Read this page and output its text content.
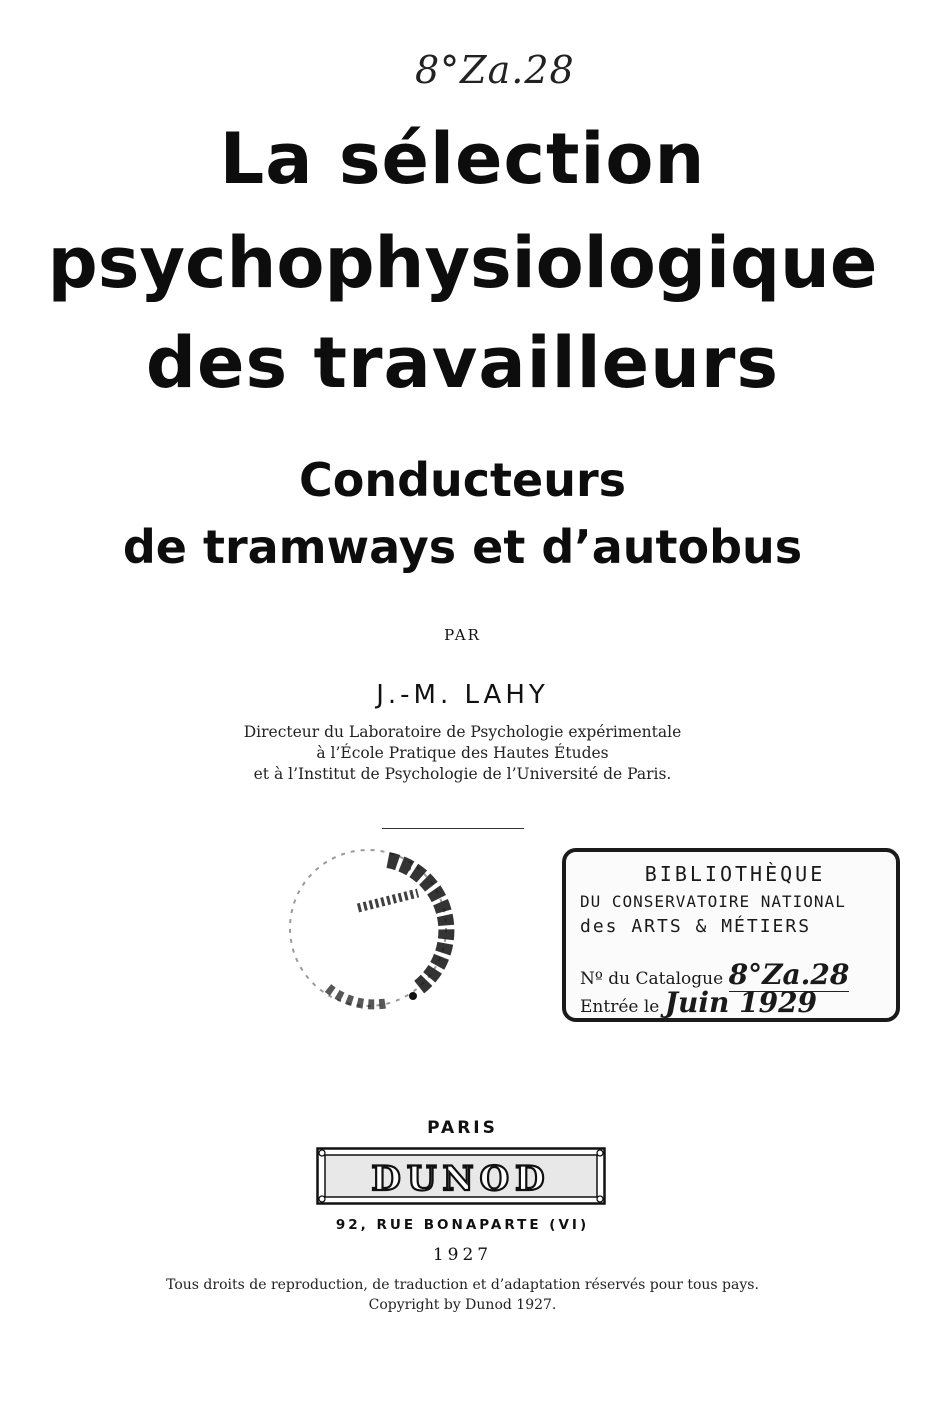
8°Za.28
La sélection
psychophysiologique
des travailleurs
Conducteurs
de tramways et d’autobus
PAR
J.-M. LAHY
Directeur du Laboratoire de Psychologie expérimentale
à l’École Pratique des Hautes Études
et à l’Institut de Psychologie de l’Université de Paris.
BIBLIOTHÈQUE
DU CONSERVATOIRE NATIONAL
des ARTS & MÉTIERS
Nº du Catalogue 8°Za.28
Entrée le Juin 1929
PARIS
DUNOD
92, RUE BONAPARTE (VI)
1927
Tous droits de reproduction, de traduction et d’adaptation réservés pour tous pays.
Copyright by Dunod 1927.
